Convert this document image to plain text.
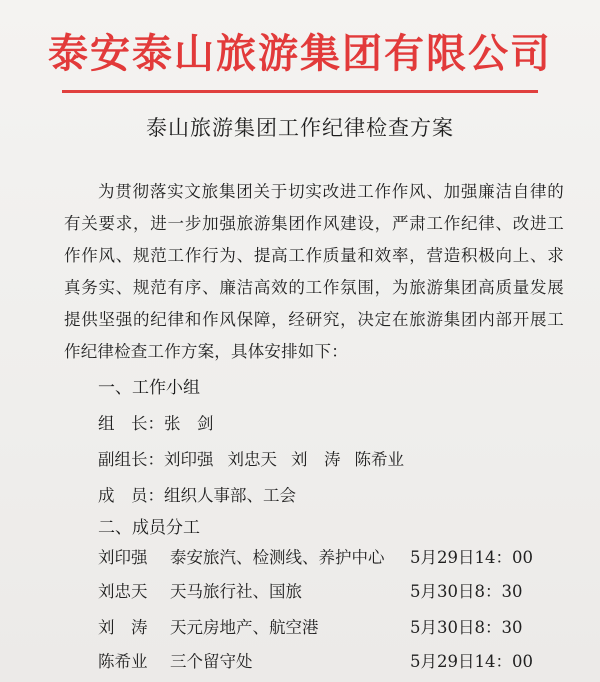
泰安泰山旅游集团有限公司
泰山旅游集团工作纪律检查方案
为贯彻落实文旅集团关于切实改进工作作风、加强廉洁自律的有关要求，进一步加强旅游集团作风建设，严肃工作纪律、改进工作作风、规范工作行为、提高工作质量和效率，营造积极向上、求真务实、规范有序、廉洁高效的工作氛围，为旅游集团高质量发展提供坚强的纪律和作风保障，经研究，决定在旅游集团内部开展工作纪律检查工作方案，具体安排如下：
一、工作小组
组　长：张　剑
副组长：刘印强 刘忠天 刘　涛 陈希业
成　员：组织人事部、工会
二、成员分工
刘印强 泰安旅汽、检测线、养护中心 5月29日14：00
刘忠天 天马旅行社、国旅	5月30日8：30
刘　涛 天元房地产、航空港	5月30日8：30
陈希业 三个留守处	5月29日14：00
